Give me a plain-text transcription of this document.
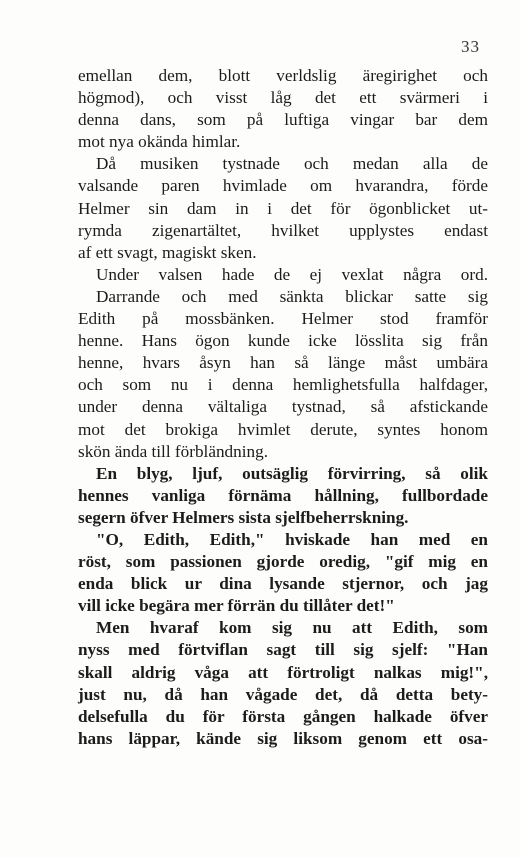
33
emellan dem, blott verldslig äregirighet och
högmod), och visst låg det ett svärmeri i
denna dans, som på luftiga vingar bar dem
mot nya okända himlar.
Då musiken tystnade och medan alla de
valsande paren hvimlade om hvarandra, förde
Helmer sin dam in i det för ögonblicket ut-
rymda zigenartältet, hvilket upplystes endast
af ett svagt, magiskt sken.
Under valsen hade de ej vexlat några ord.
Darrande och med sänkta blickar satte sig
Edith på mossbänken. Helmer stod framför
henne. Hans ögon kunde icke lösslita sig från
henne, hvars åsyn han så länge måst umbära
och som nu i denna hemlighetsfulla halfdager,
under denna vältaliga tystnad, så afstickande
mot det brokiga hvimlet derute, syntes honom
skön ända till förbländning.
En blyg, ljuf, outsäglig förvirring, så olik
hennes vanliga förnäma hållning, fullbordade
segern öfver Helmers sista sjelfbeherrskning.
"O, Edith, Edith," hviskade han med en
röst, som passionen gjorde oredig, "gif mig en
enda blick ur dina lysande stjernor, och jag
vill icke begära mer förrän du tillåter det!"
Men hvaraf kom sig nu att Edith, som
nyss med förtviflan sagt till sig sjelf: "Han
skall aldrig våga att förtroligt nalkas mig!",
just nu, då han vågade det, då detta bety-
delsefulla du för första gången halkade öfver
hans läppar, kände sig liksom genom ett osa-
